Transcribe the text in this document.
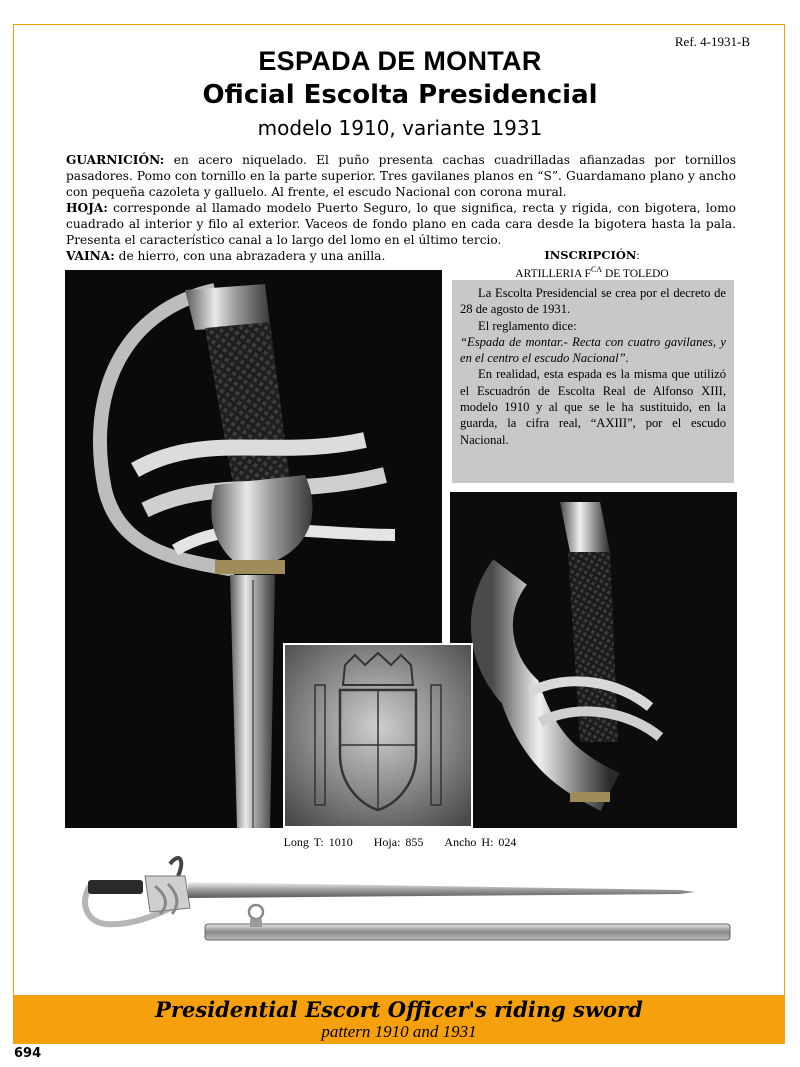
Ref. 4-1931-B
ESPADA DE MONTAR
Oficial Escolta Presidencial
modelo 1910, variante 1931

GUARNICIÓN: en acero niquelado. El puño presenta cachas cuadrilladas afianzadas por tornillos pasadores. Pomo con tornillo en la parte superior. Tres gavilanes planos en “S”. Guardamano plano y ancho con pequeña cazoleta y galluelo. Al frente, el escudo Nacional con corona mural.

HOJA: corresponde al llamado modelo Puerto Seguro, lo que significa, recta y rigida, con bigotera, lomo cuadrado al interior y filo al exterior. Vaceos de fondo plano en cada cara desde la bigotera hasta la pala. Presenta el característico canal a lo largo del lomo en el último tercio.

VAINA: de hierro, con una abrazadera y una anilla.	INSCRIPCIÓN:
ARTILLERIA $F^{CA}$ DE TOLEDO

La Escolta Presidencial se crea por el decreto de 28 de agosto de 1931.

El reglamento dice:

“Espada de montar.- Recta con cuatro gavilanes, y en el centro el escudo Nacional”.

En realidad, esta espada es la misma que utilizó el Escuadrón de Escolta Real de Alfonso XIII, modelo 1910 y al que se le ha sustituido, en la guarda, la cifra real, “AXIII”, por el escudo Nacional.

Long T: 1010 Hoja: 855 Ancho H: 024
Presidential Escort Officer's riding sword
pattern 1910 and 1931
694
